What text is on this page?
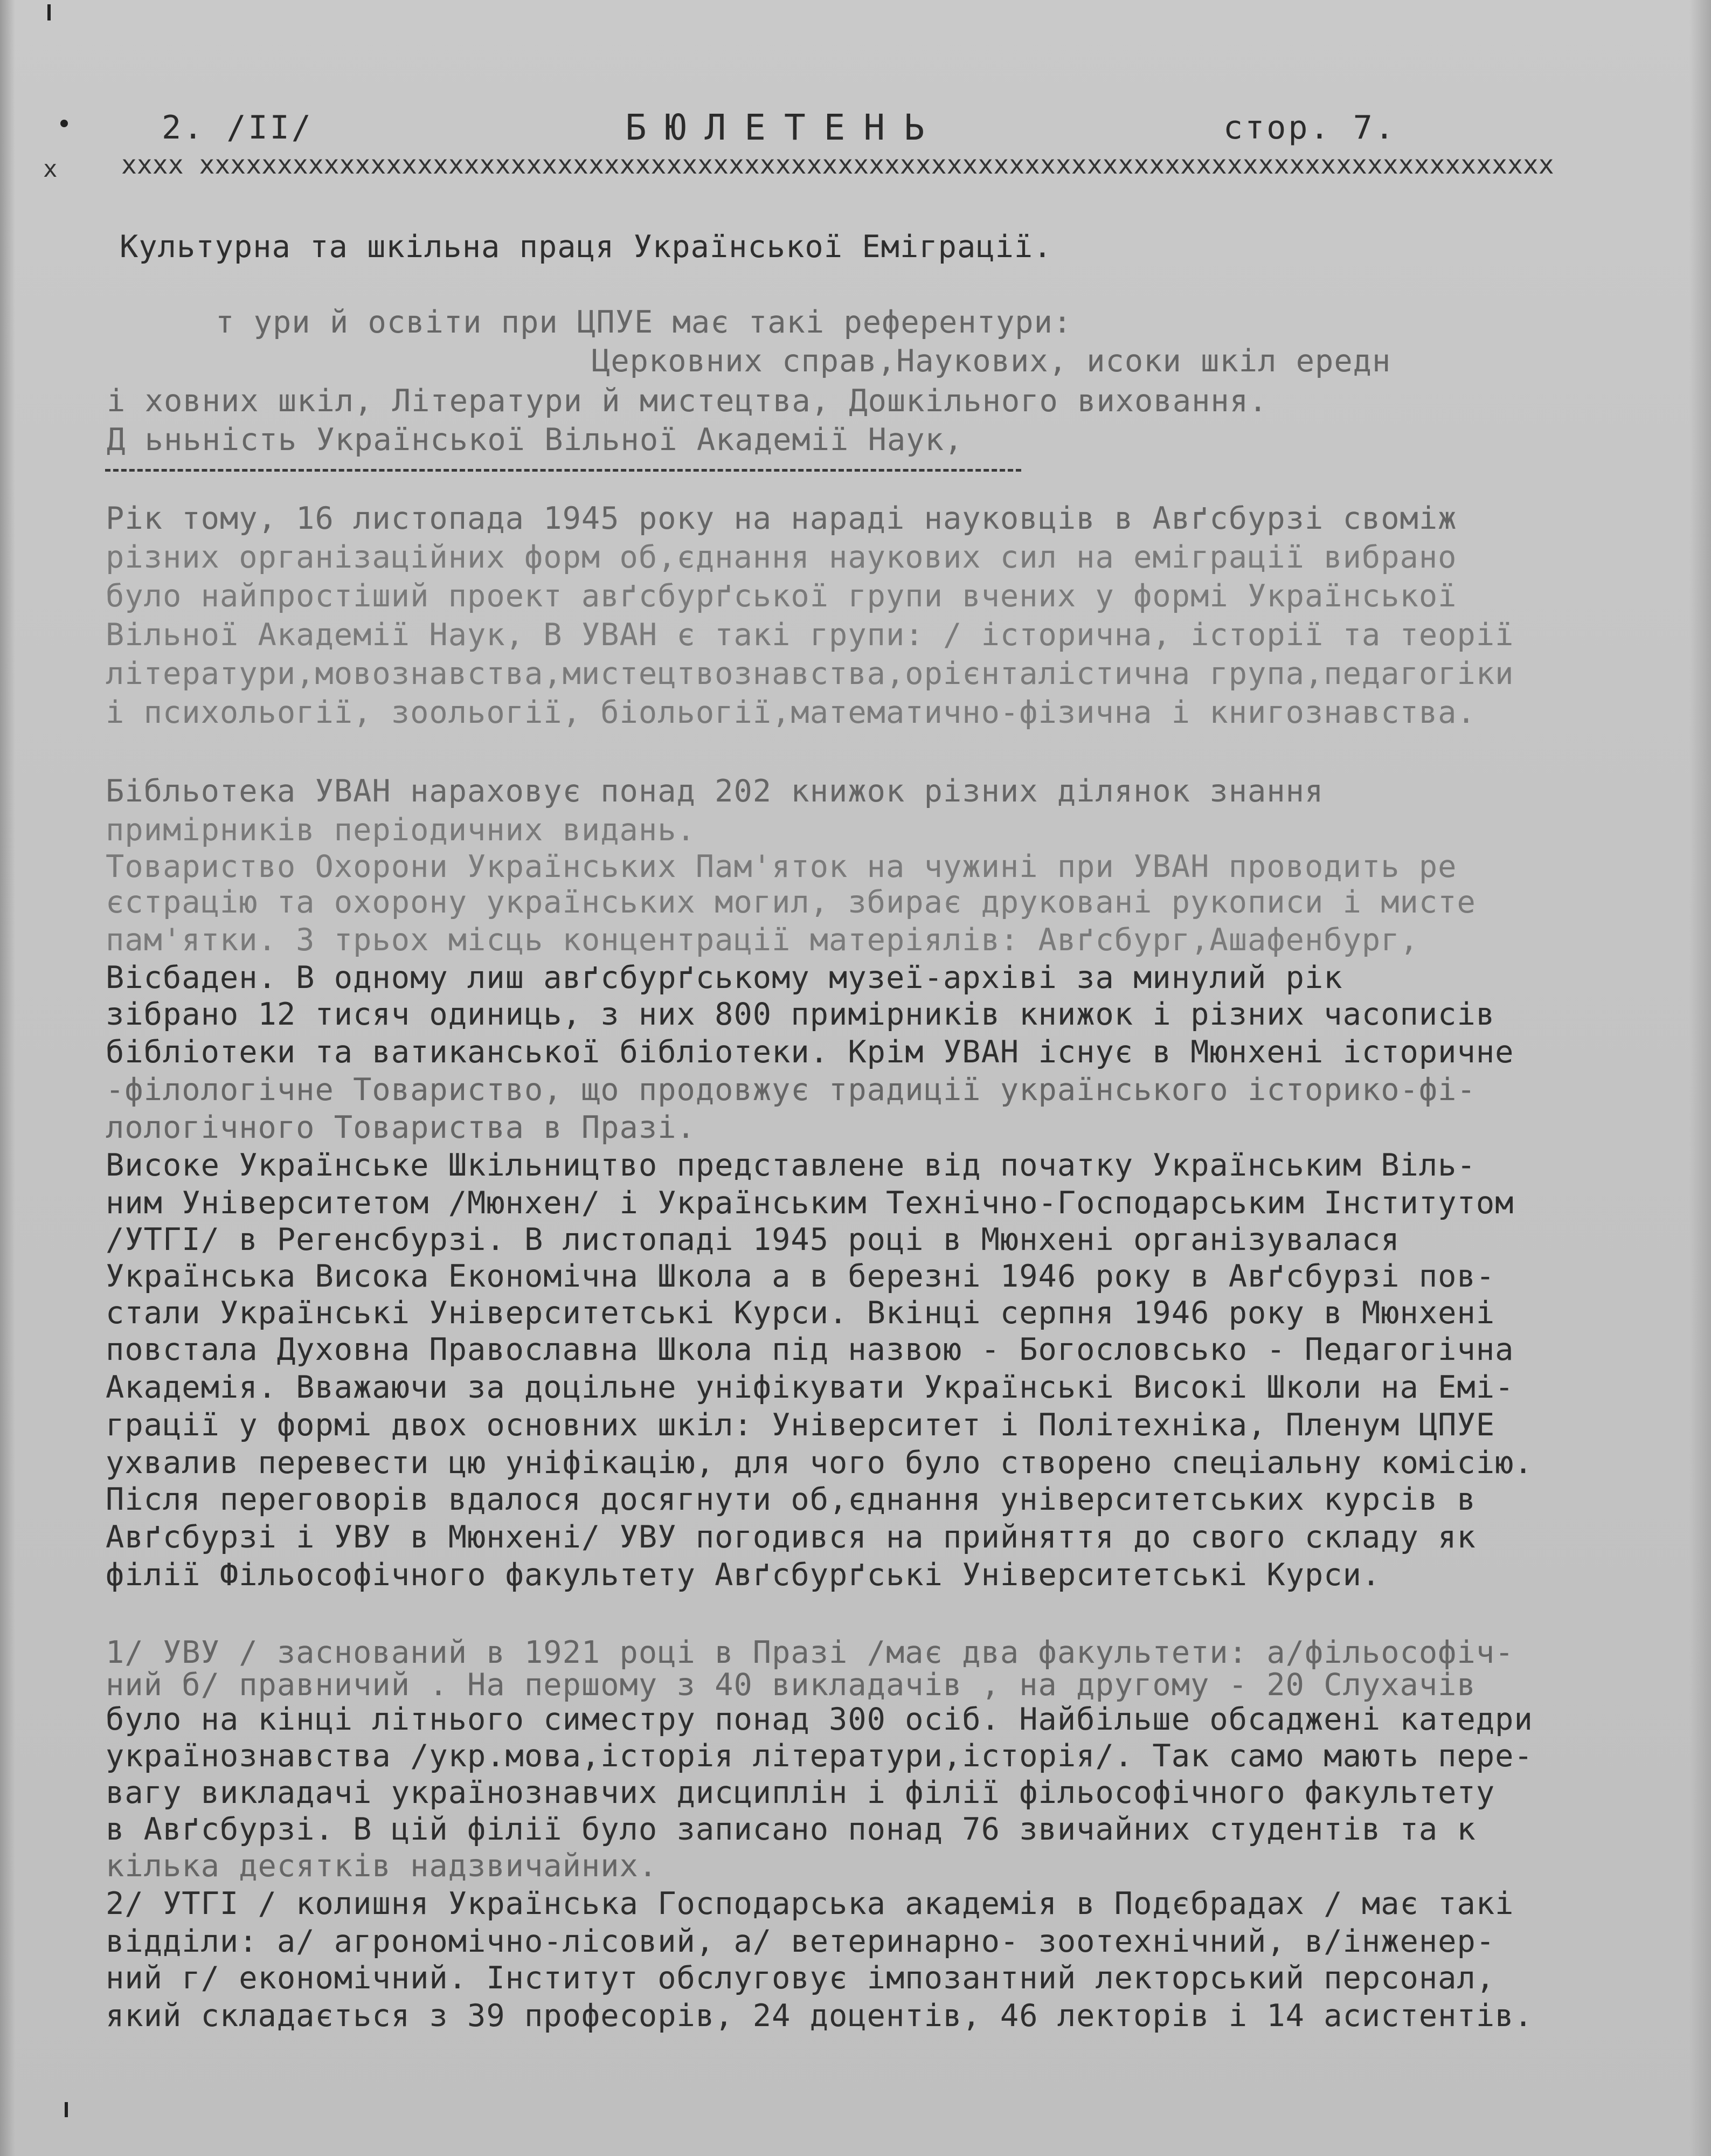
2. /II/	БЮЛЕТЕНЬ	стор. 7.
x xxxx xxxxxxxxxxxxxxxxxxxxxxxxxxxxxxxxxxxxxxxxxxxxxxxxxxxxxxxxxxxxxxxxxxxxxxxxxxxxxxxxxxxxxxx
Культурна та шкільна праця Української Еміграції.
т ури й освіти при ЦПУЕ має такі референтури:
Церковних справ,Наукових, исоки шкіл ередн
і ховних шкіл, Літератури й мистецтва, Дошкільного виховання.
Д ьньність Української Вільної Академії Наук,
Рік тому, 16 листопада 1945 року на нараді науковців в Авґсбурзі своміж
різних організаційних форм об,єднання наукових сил на еміграції вибрано
було найпростіший проект авґсбурґської групи вчених у формі Української
Вільної Академії Наук, В УВАН є такі групи: / історична, історії та теорії
літератури,мовознавства,мистецтвознавства,орієнталістична група,педагогіки
і психольогії, зоольогії, біольогії,математично-фізична і книгознавства.
Бібльотека УВАН нараховує понад 202 книжок різних ділянок знання
примірників періодичних видань.
Товариство Охорони Українських Пам'яток на чужині при УВАН проводить ре
єстрацію та охорону українських могил, збирає друковані рукописи і мисте
пам'ятки. З трьох місць концентрації матеріялів: Авґсбург,Ашафенбург,
Вісбаден. В одному лиш авґсбурґському музеї-архіві за минулий рік
зібрано 12 тисяч одиниць, з них 800 примірників книжок і різних часописів
бібліотеки та ватиканської бібліотеки. Крім УВАН існує в Мюнхені історичне
-філологічне Товариство, що продовжує традиції українського історико-фі-
лологічного Товариства в Празі.
Високе Українське Шкільництво представлене від початку Українським Віль-
ним Університетом /Мюнхен/ і Українським Технічно-Господарським Інститутом
/УТГІ/ в Регенсбурзі. В листопаді 1945 році в Мюнхені організувалася
Українська Висока Економічна Школа а в березні 1946 року в Авґсбурзі пов-
стали Українські Університетські Курси. Вкінці серпня 1946 року в Мюнхені
повстала Духовна Православна Школа під назвою - Богословсько - Педагогічна
Академія. Вважаючи за доцільне уніфікувати Українські Високі Школи на Емі-
грації у формі двох основних шкіл: Університет і Політехніка, Пленум ЦПУЕ
ухвалив перевести цю уніфікацію, для чого було створено спеціальну комісію.
Після переговорів вдалося досягнути об,єднання університетських курсів в
Авґсбурзі і УВУ в Мюнхені/ УВУ погодився на прийняття до свого складу як
філії Фільософічного факультету Авґсбурґські Університетські Курси.
1/ УВУ / заснований в 1921 році в Празі /має два факультети: а/фільософіч-
ний б/ правничий . На першому з 40 викладачів , на другому - 20 Слухачів
було на кінці літнього симестру понад 300 осіб. Найбільше обсаджені катедри
українознавства /укр.мова,історія літератури,історія/. Так само мають пере-
вагу викладачі українознавчих дисциплін і філії фільософічного факультету
в Авґсбурзі. В цій філії було записано понад 76 звичайних студентів та к
кілька десятків надзвичайних.
2/ УТГІ / колишня Українська Господарська академія в Подєбрадах / має такі
відділи: а/ агрономічно-лісовий, а/ ветеринарно- зоотехнічний, в/інженер-
ний г/ економічний. Інститут обслуговує імпозантний лекторський персонал,
який складається з 39 професорів, 24 доцентів, 46 лекторів і 14 асистентів.
